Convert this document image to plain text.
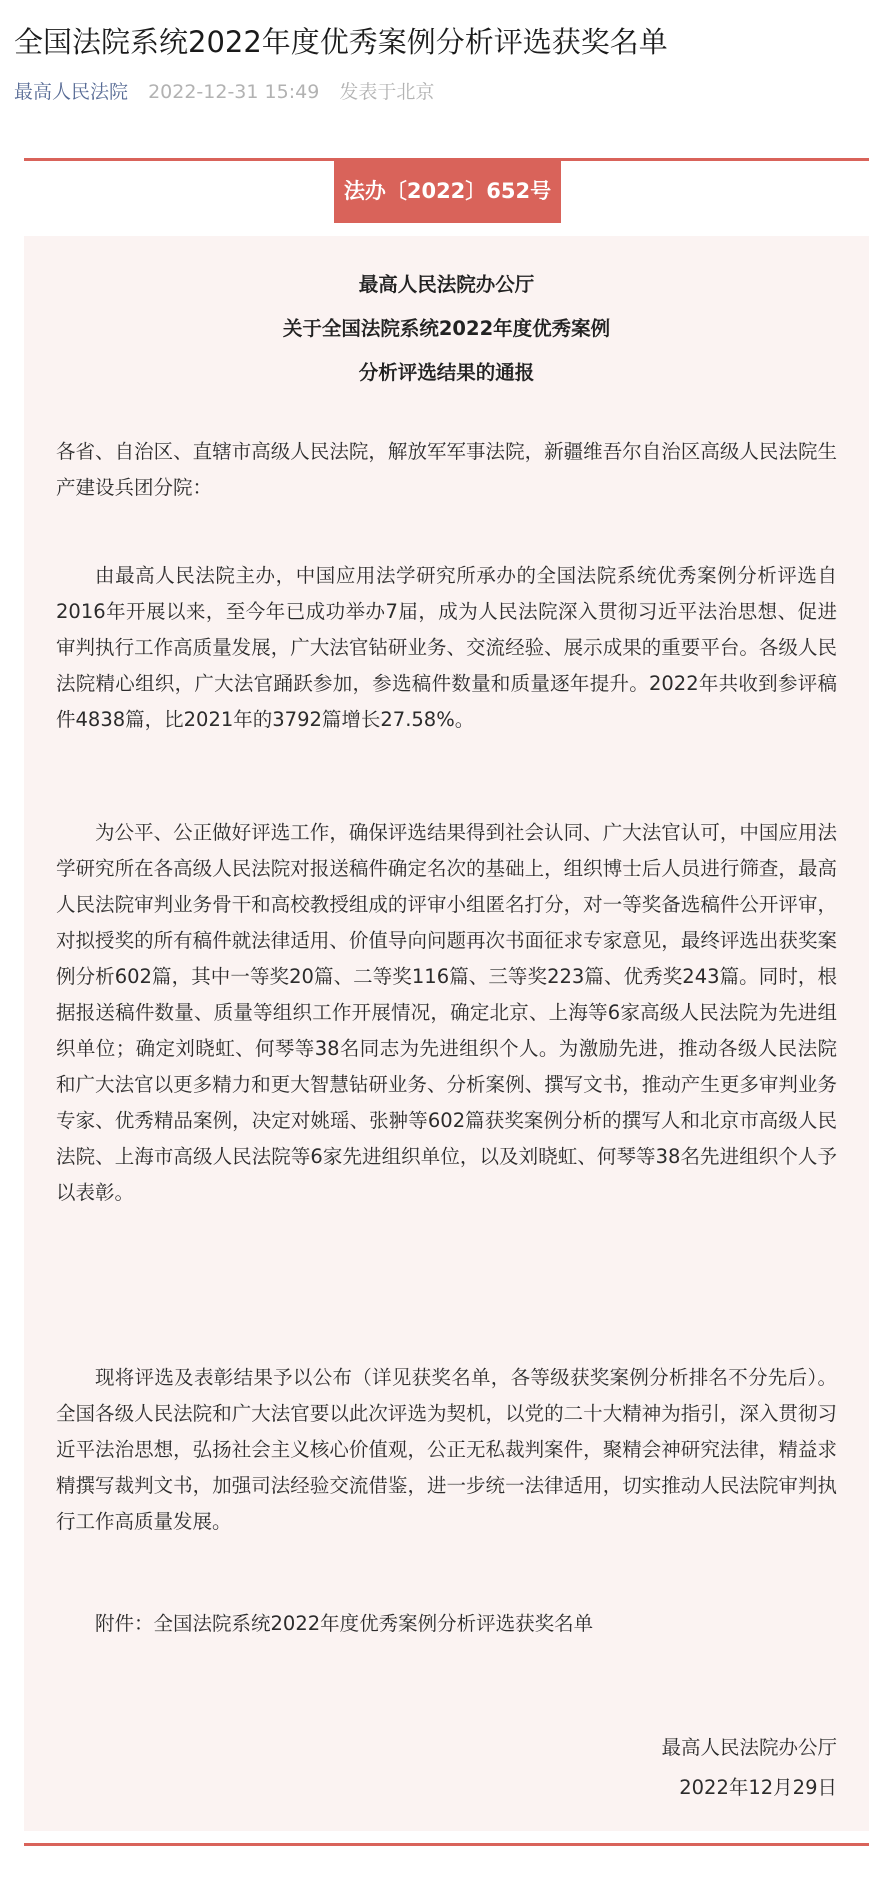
全国法院系统2022年度优秀案例分析评选获奖名单
最高人民法院 2022-12-31 15:49 发表于北京
法办〔2022〕652号
最高人民法院办公厅
关于全国法院系统2022年度优秀案例
分析评选结果的通报

各省、自治区、直辖市高级人民法院，解放军军事法院，新疆维吾尔自治区高级人民法院生产建设兵团分院：

由最高人民法院主办，中国应用法学研究所承办的全国法院系统优秀案例分析评选自2016年开展以来，至今年已成功举办7届，成为人民法院深入贯彻习近平法治思想、促进审判执行工作高质量发展，广大法官钻研业务、交流经验、展示成果的重要平台。各级人民法院精心组织，广大法官踊跃参加，参选稿件数量和质量逐年提升。2022年共收到参评稿件4838篇，比2021年的3792篇增长27.58%。

为公平、公正做好评选工作，确保评选结果得到社会认同、广大法官认可，中国应用法学研究所在各高级人民法院对报送稿件确定名次的基础上，组织博士后人员进行筛查，最高人民法院审判业务骨干和高校教授组成的评审小组匿名打分，对一等奖备选稿件公开评审，对拟授奖的所有稿件就法律适用、价值导向问题再次书面征求专家意见，最终评选出获奖案例分析602篇，其中一等奖20篇、二等奖116篇、三等奖223篇、优秀奖243篇。同时，根据报送稿件数量、质量等组织工作开展情况，确定北京、上海等6家高级人民法院为先进组织单位；确定刘晓虹、何琴等38名同志为先进组织个人。为激励先进，推动各级人民法院和广大法官以更多精力和更大智慧钻研业务、分析案例、撰写文书，推动产生更多审判业务专家、优秀精品案例，决定对姚瑶、张翀等602篇获奖案例分析的撰写人和北京市高级人民法院、上海市高级人民法院等6家先进组织单位，以及刘晓虹、何琴等38名先进组织个人予以表彰。

现将评选及表彰结果予以公布（详见获奖名单，各等级获奖案例分析排名不分先后）。全国各级人民法院和广大法官要以此次评选为契机，以党的二十大精神为指引，深入贯彻习近平法治思想，弘扬社会主义核心价值观，公正无私裁判案件，聚精会神研究法律，精益求精撰写裁判文书，加强司法经验交流借鉴，进一步统一法律适用，切实推动人民法院审判执行工作高质量发展。

附件：全国法院系统2022年度优秀案例分析评选获奖名单
最高人民法院办公厅
2022年12月29日
